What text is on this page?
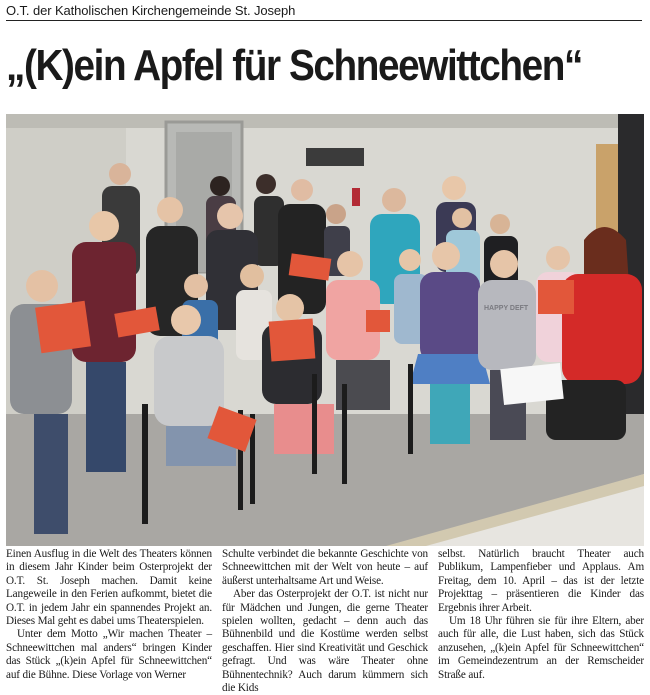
O.T. der Katholischen Kirchengemeinde St. Joseph
„(K)ein Apfel für Schneewittchen“
HAPPY DEFT

Einen Ausflug in die Welt des Theaters können in diesem Jahr Kinder beim Osterprojekt der O.T. St. Joseph machen. Damit keine Langeweile in den Ferien aufkommt, bietet die O.T. in jedem Jahr ein spannendes Projekt an. Dieses Mal geht es dabei ums Theaterspielen.

Unter dem Motto „Wir machen Theater – Schneewittchen mal anders“ bringen Kinder das Stück „(k)ein Apfel für Schneewittchen“ auf die Bühne. Diese Vorlage von Werner

Schulte verbindet die bekannte Geschichte von Schneewittchen mit der Welt von heute – auf äußerst unterhaltsame Art und Weise.

Aber das Osterprojekt der O.T. ist nicht nur für Mädchen und Jungen, die gerne Theater spielen wollten, gedacht – denn auch das Bühnenbild und die Kostüme werden selbst geschaffen. Hier sind Kreativität und Geschick gefragt. Und was wäre Theater ohne Bühnentechnik? Auch darum kümmern sich die Kids

selbst. Natürlich braucht Theater auch Publikum, Lampenfieber und Applaus. Am Freitag, dem 10. April – das ist der letzte Projekttag – präsentieren die Kinder das Ergebnis ihrer Arbeit.

Um 18 Uhr führen sie für ihre Eltern, aber auch für alle, die Lust haben, sich das Stück anzusehen, „(k)ein Apfel für Schneewittchen“ im Gemeindezentrum an der Remscheider Straße auf.
